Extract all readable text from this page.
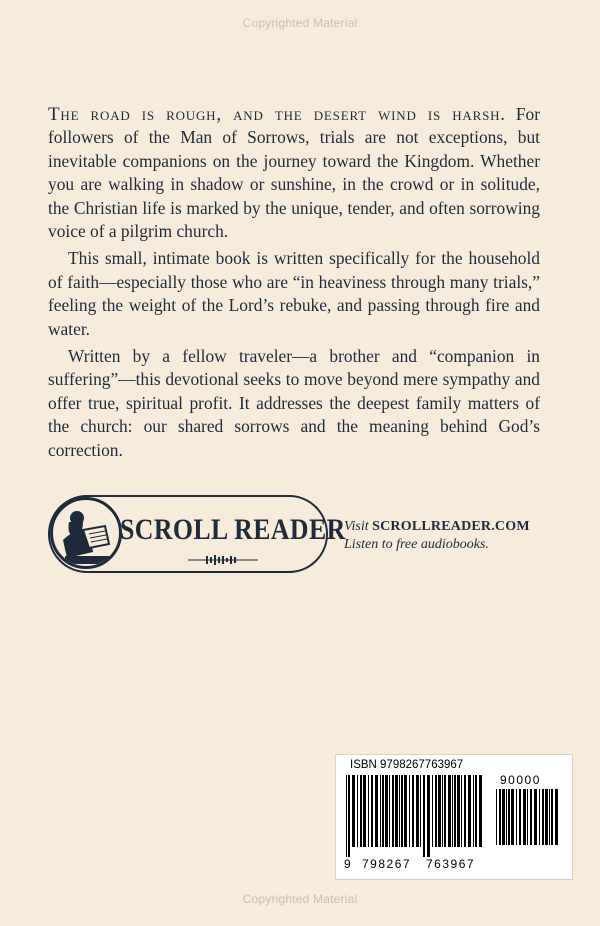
Copyrighted Material

The road is rough, and the desert wind is harsh. For followers of the Man of Sorrows, trials are not exceptions, but inevitable companions on the journey toward the Kingdom. Whether you are walking in shadow or sunshine, in the crowd or in solitude, the Christian life is marked by the unique, tender, and often sorrowing voice of a pilgrim church.

This small, intimate book is written specifically for the household of faith—especially those who are “in heaviness through many trials,” feeling the weight of the Lord’s rebuke, and passing through fire and water.

Written by a fellow traveler—a brother and “companion in suffering”—this devotional seeks to move beyond mere sympathy and offer true, spiritual profit. It addresses the deepest family matters of the church: our shared sorrows and the meaning behind God’s correction.

SCROLL READER
Visit SCROLLREADER.COM
Listen to free audiobooks.
ISBN 9798267763967
9 798267 763967
90000
Copyrighted Material
